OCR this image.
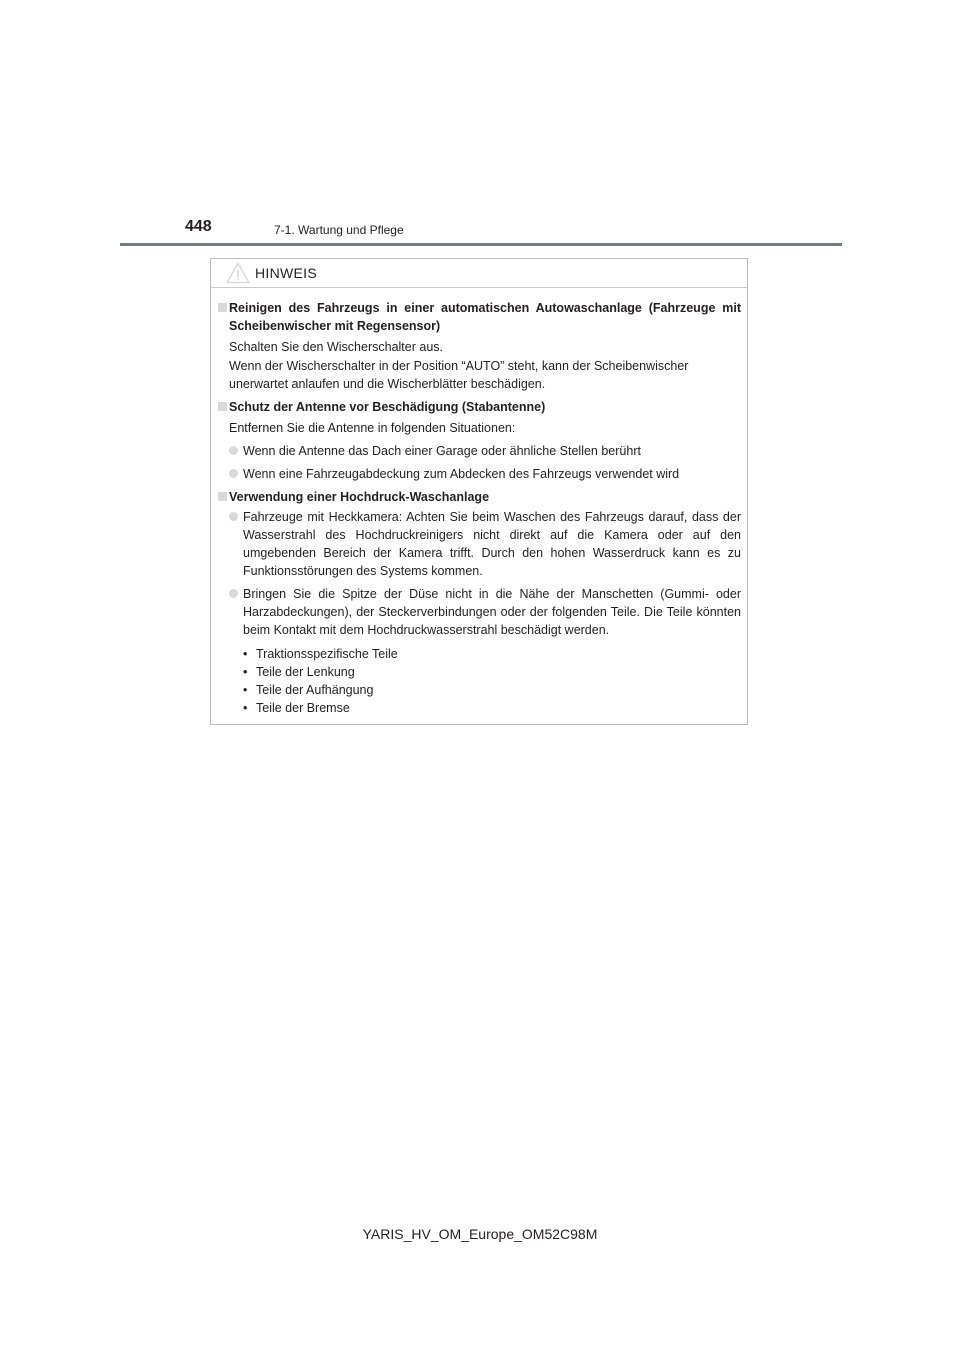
448	7-1. Wartung und Pflege
HINWEIS
Reinigen des Fahrzeugs in einer automatischen Autowaschanlage (Fahrzeuge mit Scheibenwischer mit Regensensor)
Schalten Sie den Wischerschalter aus.
Wenn der Wischerschalter in der Position “AUTO” steht, kann der Scheibenwischer unerwartet anlaufen und die Wischerblätter beschädigen.
Schutz der Antenne vor Beschädigung (Stabantenne)
Entfernen Sie die Antenne in folgenden Situationen:
Wenn die Antenne das Dach einer Garage oder ähnliche Stellen berührt
Wenn eine Fahrzeugabdeckung zum Abdecken des Fahrzeugs verwendet wird
Verwendung einer Hochdruck-Waschanlage
Fahrzeuge mit Heckkamera: Achten Sie beim Waschen des Fahrzeugs darauf, dass der Wasserstrahl des Hochdruckreinigers nicht direkt auf die Kamera oder auf den umgebenden Bereich der Kamera trifft. Durch den hohen Wasserdruck kann es zu Funktionsstörungen des Systems kommen.
Bringen Sie die Spitze der Düse nicht in die Nähe der Manschetten (Gummi- oder Harzabdeckungen), der Steckerverbindungen oder der folgenden Teile. Die Teile könnten beim Kontakt mit dem Hochdruckwasserstrahl beschädigt werden.
• Traktionsspezifische Teile
• Teile der Lenkung
• Teile der Aufhängung
• Teile der Bremse
YARIS_HV_OM_Europe_OM52C98M
